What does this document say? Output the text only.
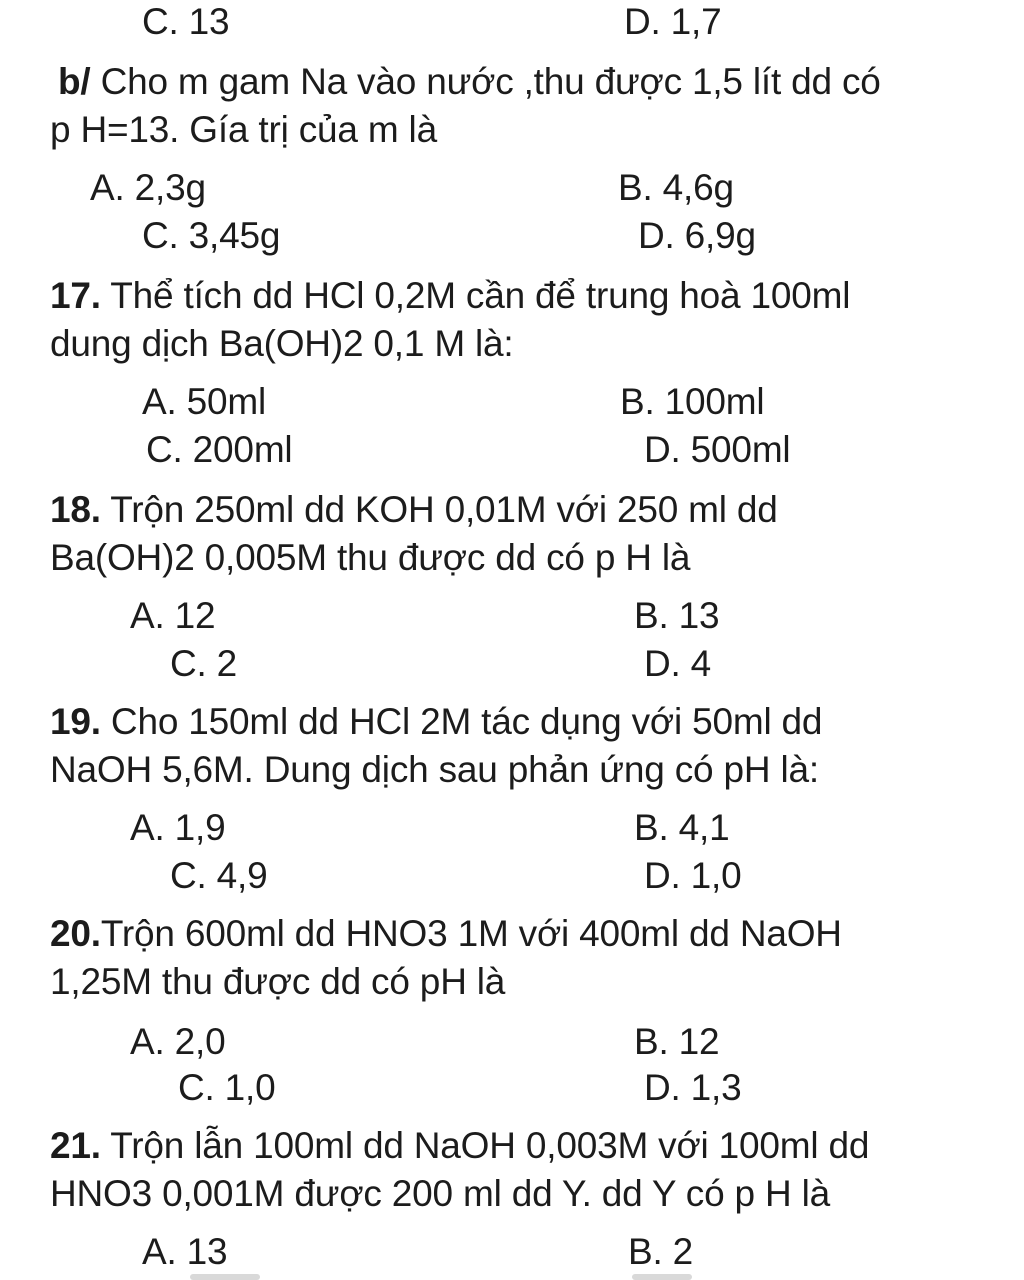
C. 13	D. 1,7
b/ Cho m gam Na vào nước ,thu được 1,5 lít dd có
p H=13. Gía trị của m là
A. 2,3g	B. 4,6g
C. 3,45g	D. 6,9g
17. Thể tích dd HCl 0,2M cần để trung hoà 100ml
dung dịch Ba(OH)2 0,1 M là:
A. 50ml	B. 100ml
C. 200ml	D. 500ml
18. Trộn 250ml dd KOH 0,01M với 250 ml dd
Ba(OH)2 0,005M thu được dd có p H là
A. 12	B. 13
C. 2	D. 4
19. Cho 150ml dd HCl 2M tác dụng với 50ml dd
NaOH 5,6M. Dung dịch sau phản ứng có pH là:
A. 1,9	B. 4,1
C. 4,9	D. 1,0
20.Trộn 600ml dd HNO3 1M với 400ml dd NaOH
1,25M thu được dd có pH là
A. 2,0	B. 12
C. 1,0	D. 1,3
21. Trộn lẫn 100ml dd NaOH 0,003M với 100ml dd
HNO3 0,001M được 200 ml dd Y. dd Y có p H là
A. 13	B. 2
